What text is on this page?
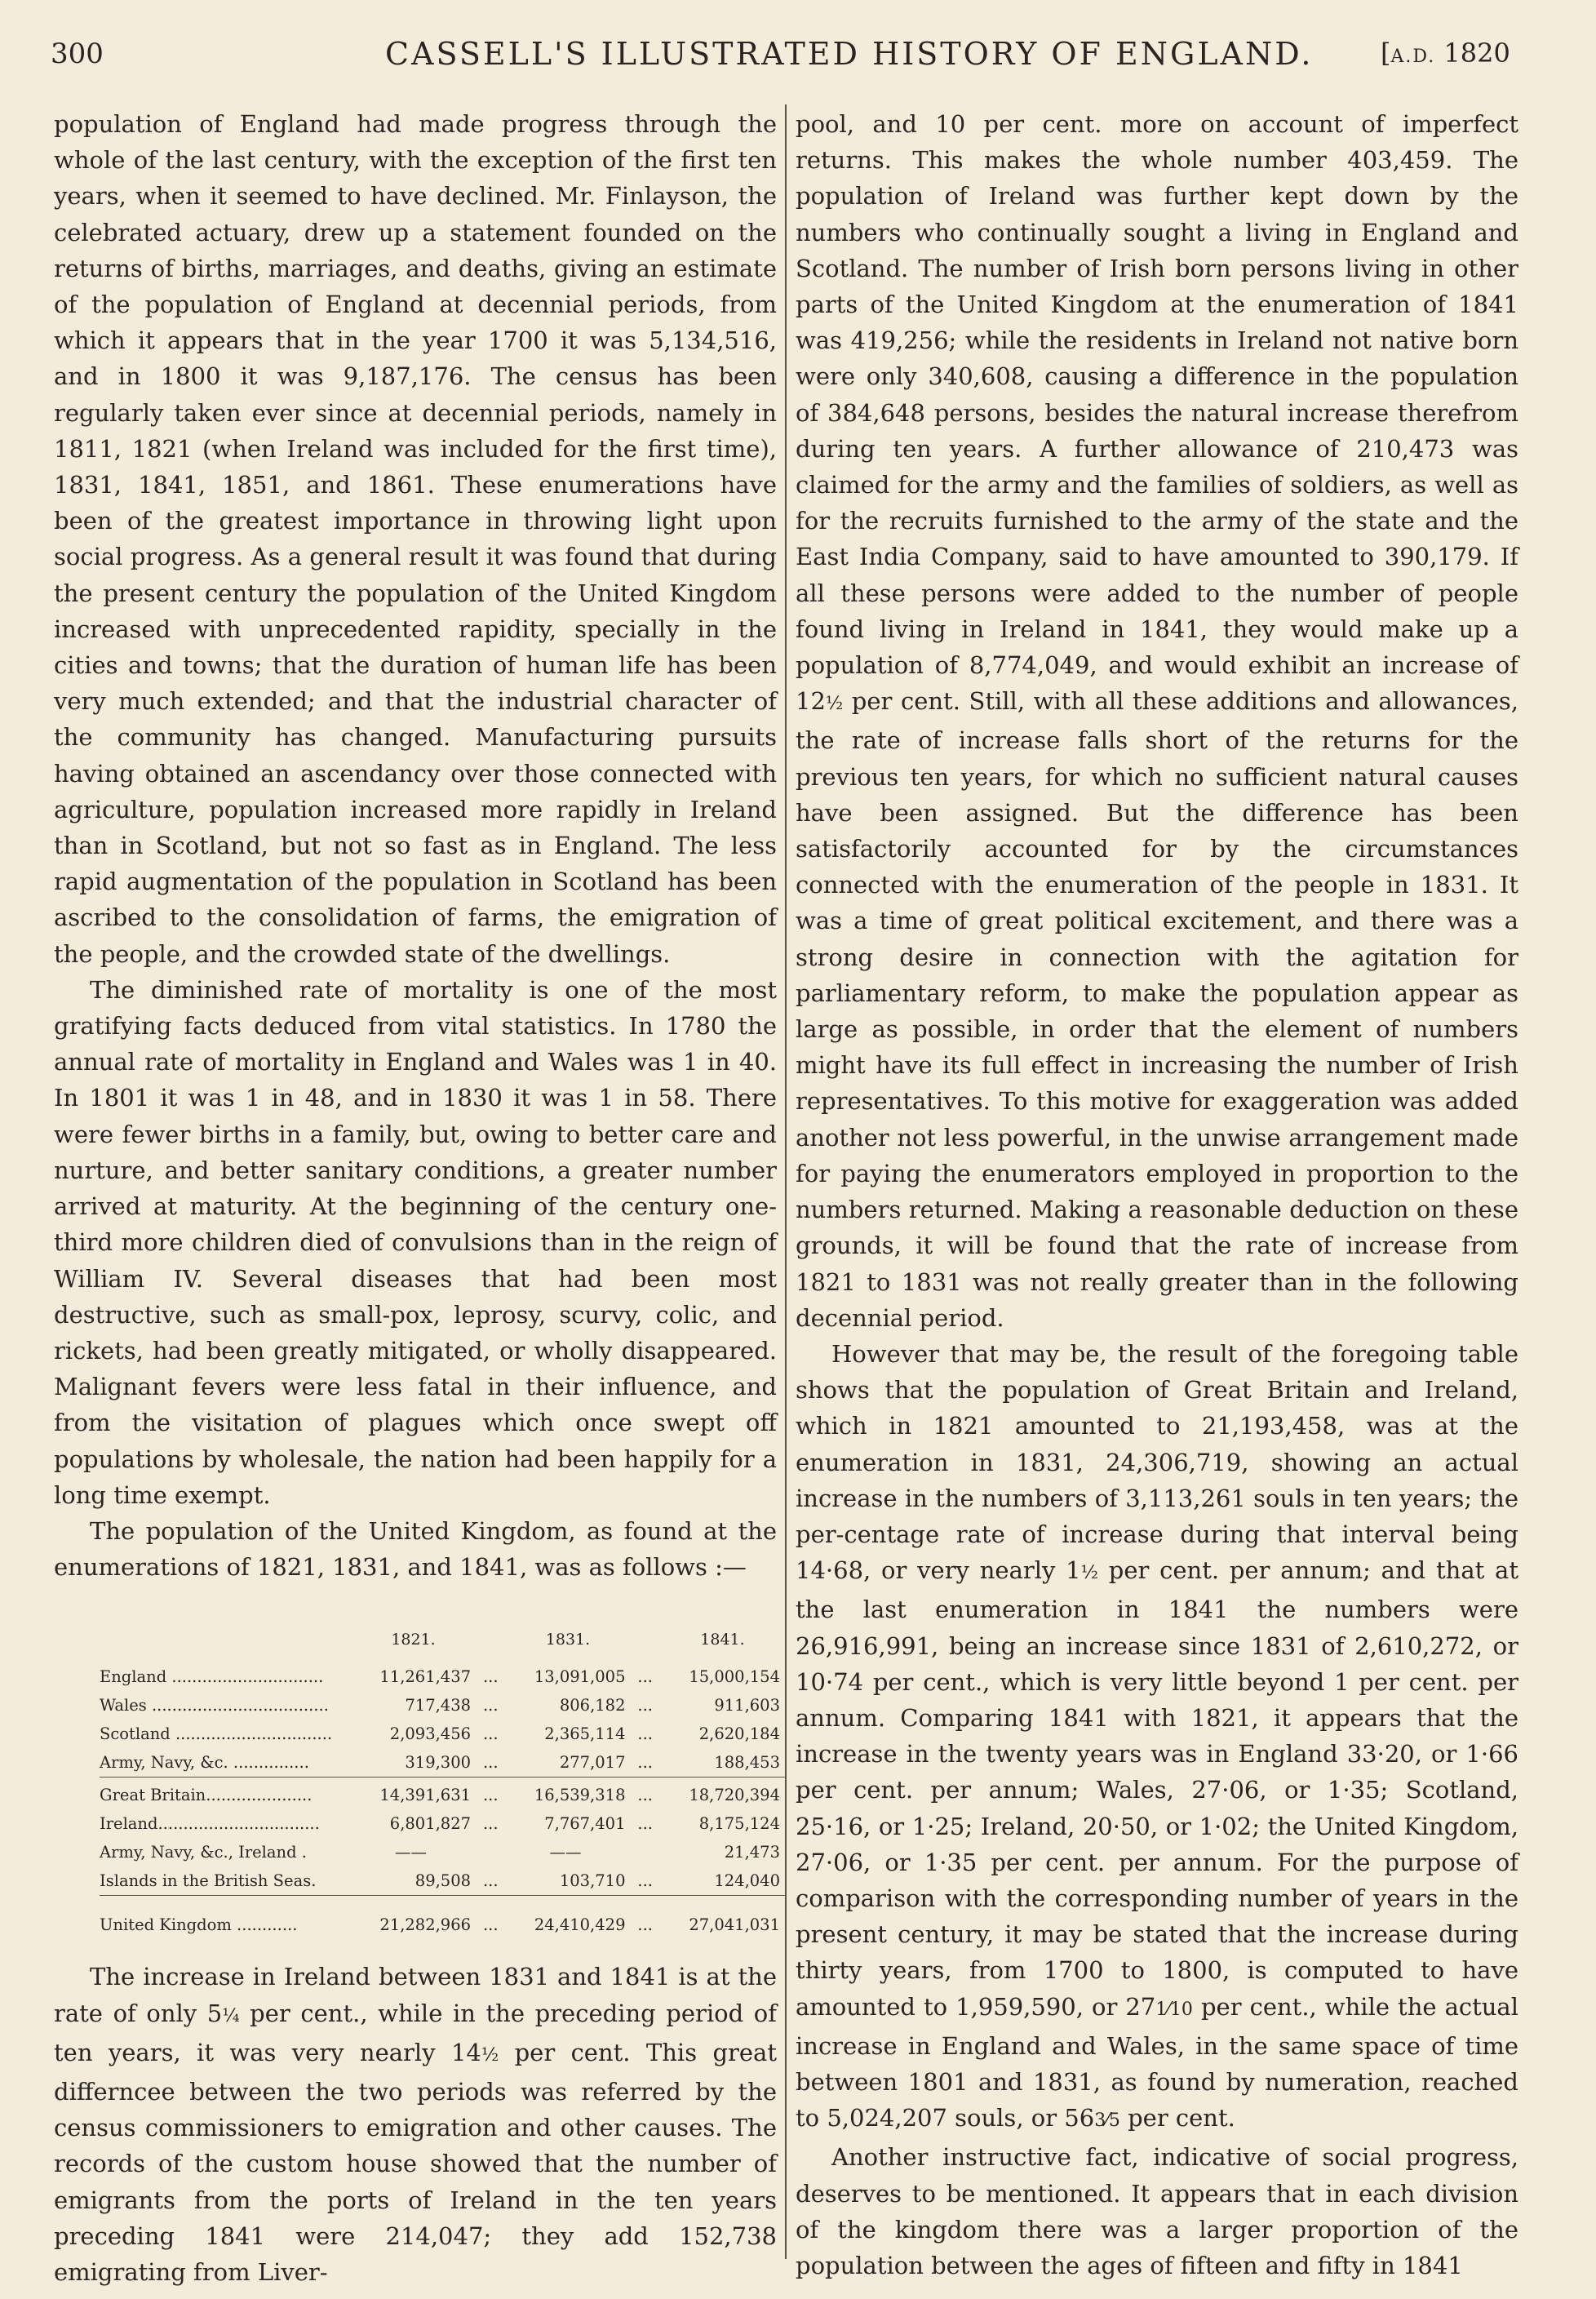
300	CASSELL'S ILLUSTRATED HISTORY OF ENGLAND.	[A.D. 1820

population of England had made progress through the whole of the last century, with the exception of the first ten years, when it seemed to have declined. Mr. Finlayson, the celebrated actuary, drew up a statement founded on the returns of births, marriages, and deaths, giving an estimate of the population of England at decennial periods, from which it appears that in the year 1700 it was 5,134,516, and in 1800 it was 9,187,176. The census has been regularly taken ever since at decennial periods, namely in 1811, 1821 (when Ireland was included for the first time), 1831, 1841, 1851, and 1861. These enumerations have been of the greatest importance in throwing light upon social progress. As a general result it was found that during the present century the population of the United Kingdom increased with unprecedented rapidity, specially in the cities and towns; that the duration of human life has been very much extended; and that the industrial character of the community has changed. Manufacturing pursuits having obtained an ascendancy over those connected with agriculture, population increased more rapidly in Ireland than in Scotland, but not so fast as in England. The less rapid augmentation of the population in Scotland has been ascribed to the consolidation of farms, the emigration of the people, and the crowded state of the dwellings.

The diminished rate of mortality is one of the most gratifying facts deduced from vital statistics. In 1780 the annual rate of mortality in England and Wales was 1 in 40. In 1801 it was 1 in 48, and in 1830 it was 1 in 58. There were fewer births in a family, but, owing to better care and nurture, and better sanitary conditions, a greater number arrived at maturity. At the beginning of the century one-third more children died of convulsions than in the reign of William IV. Several diseases that had been most destructive, such as small-pox, leprosy, scurvy, colic, and rickets, had been greatly mitigated, or wholly disappeared. Malignant fevers were less fatal in their influence, and from the visitation of plagues which once swept off populations by wholesale, the nation had been happily for a long time exempt.

The population of the United Kingdom, as found at the enumerations of 1821, 1831, and 1841, was as follows :—

	1821.		1831.		1841.
England ..............................	11,261,437	...	13,091,005	...	15,000,154
Wales ...................................	717,438	...	806,182	...	911,603
Scotland ...............................	2,093,456	...	2,365,114	...	2,620,184
Army, Navy, &c. ...............	319,300	...	277,017	...	188,453
Great Britain.....................	14,391,631	...	16,539,318	...	18,720,394
Ireland................................	6,801,827	...	7,767,401	...	8,175,124
Army, Navy, &c., Ireland .	——		——		21,473
Islands in the British Seas.	89,508	...	103,710	...	124,040
United Kingdom ............	21,282,966	...	24,410,429	...	27,041,031

The increase in Ireland between 1831 and 1841 is at the rate of only 5¼ per cent., while in the preceding period of ten years, it was very nearly 14½ per cent. This great differncee between the two periods was referred by the census commissioners to emigration and other causes. The records of the custom house showed that the number of emigrants from the ports of Ireland in the ten years preceding 1841 were 214,047; they add 152,738 emigrating from Liver-

pool, and 10 per cent. more on account of imperfect returns. This makes the whole number 403,459. The population of Ireland was further kept down by the numbers who continually sought a living in England and Scotland. The number of Irish born persons living in other parts of the United Kingdom at the enumeration of 1841 was 419,256; while the residents in Ireland not native born were only 340,608, causing a difference in the population of 384,648 persons, besides the natural increase therefrom during ten years. A further allowance of 210,473 was claimed for the army and the families of soldiers, as well as for the recruits furnished to the army of the state and the East India Company, said to have amounted to 390,179. If all these persons were added to the number of people found living in Ireland in 1841, they would make up a population of 8,774,049, and would exhibit an increase of 12½ per cent. Still, with all these additions and allowances, the rate of increase falls short of the returns for the previous ten years, for which no sufficient natural causes have been assigned. But the difference has been satisfactorily accounted for by the circumstances connected with the enumeration of the people in 1831. It was a time of great political excitement, and there was a strong desire in connection with the agitation for parliamentary reform, to make the population appear as large as possible, in order that the element of numbers might have its full effect in increasing the number of Irish representatives. To this motive for exaggeration was added another not less powerful, in the unwise arrangement made for paying the enumerators employed in proportion to the numbers returned. Making a reasonable deduction on these grounds, it will be found that the rate of increase from 1821 to 1831 was not really greater than in the following decennial period.

However that may be, the result of the foregoing table shows that the population of Great Britain and Ireland, which in 1821 amounted to 21,193,458, was at the enumeration in 1831, 24,306,719, showing an actual increase in the numbers of 3,113,261 souls in ten years; the per-centage rate of increase during that interval being 14·68, or very nearly 1½ per cent. per annum; and that at the last enumeration in 1841 the numbers were 26,916,991, being an increase since 1831 of 2,610,272, or 10·74 per cent., which is very little beyond 1 per cent. per annum. Comparing 1841 with 1821, it appears that the increase in the twenty years was in England 33·20, or 1·66 per cent. per annum; Wales, 27·06, or 1·35; Scotland, 25·16, or 1·25; Ireland, 20·50, or 1·02; the United Kingdom, 27·06, or 1·35 per cent. per annum. For the purpose of comparison with the corresponding number of years in the present century, it may be stated that the increase during thirty years, from 1700 to 1800, is computed to have amounted to 1,959,590, or 271⁄10 per cent., while the actual increase in England and Wales, in the same space of time between 1801 and 1831, as found by numeration, reached to 5,024,207 souls, or 563⁄5 per cent.

Another instructive fact, indicative of social progress, deserves to be mentioned. It appears that in each division of the kingdom there was a larger proportion of the population between the ages of fifteen and fifty in 1841
